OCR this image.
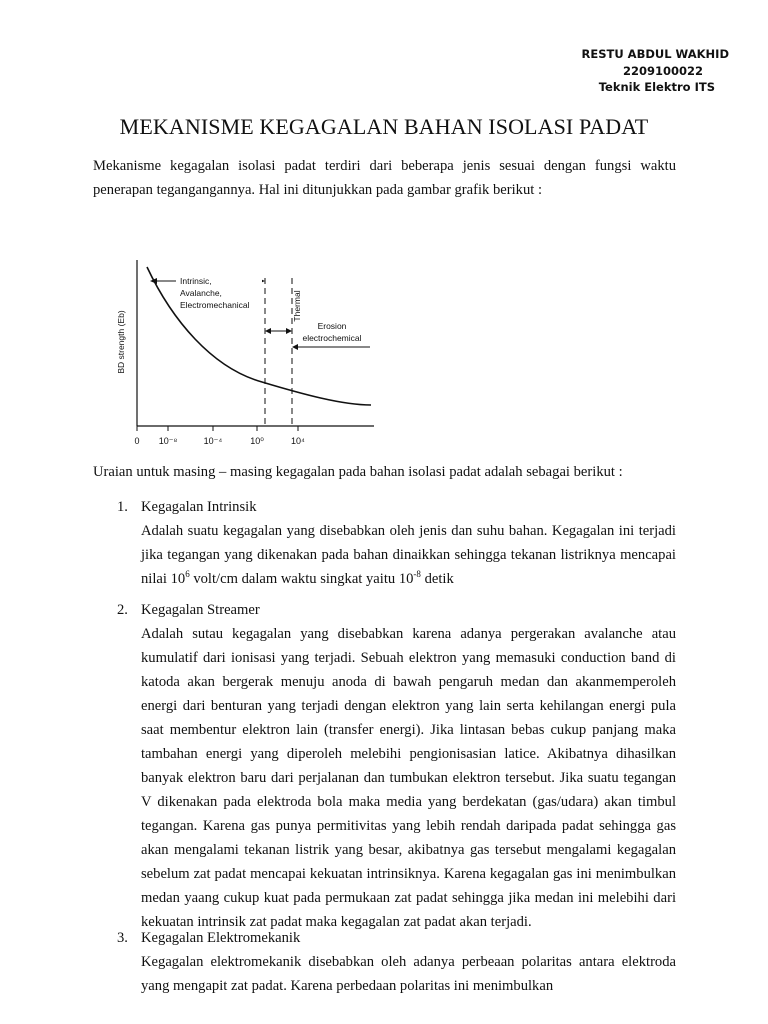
RESTU ABDUL WAKHID
2209100022
Teknik Elektro ITS
MEKANISME KEGAGALAN BAHAN ISOLASI PADAT

Mekanisme kegagalan isolasi padat terdiri dari beberapa jenis sesuai dengan fungsi waktu penerapan tegangangannya. Hal ini ditunjukkan pada gambar grafik berikut :

0 10⁻⁸	10⁻⁴	10⁰	10⁴
BD strength (Eb)
Intrinsic,
Avalanche,
Electromechanical	Thermal
Erosion
electrochemical

Uraian untuk masing – masing kegagalan pada bahan isolasi padat adalah sebagai berikut :

1. Kegagalan Intrinsik

Adalah suatu kegagalan yang disebabkan oleh jenis dan suhu bahan. Kegagalan ini terjadi jika tegangan yang dikenakan pada bahan dinaikkan sehingga tekanan listriknya mencapai nilai $10^6$ volt/cm dalam waktu singkat yaitu $10^{-8}$ detik

2. Kegagalan Streamer

Adalah sutau kegagalan yang disebabkan karena adanya pergerakan avalanche atau kumulatif dari ionisasi yang terjadi. Sebuah elektron yang memasuki conduction band di katoda akan bergerak menuju anoda di bawah pengaruh medan dan akanmemperoleh energi dari benturan yang terjadi dengan elektron yang lain serta kehilangan energi pula saat membentur elektron lain (transfer energi). Jika lintasan bebas cukup panjang maka tambahan energi yang diperoleh melebihi pengionisasian latice. Akibatnya dihasilkan banyak elektron baru dari perjalanan dan tumbukan elektron tersebut. Jika suatu tegangan V dikenakan pada elektroda bola maka media yang berdekatan (gas/udara) akan timbul tegangan. Karena gas punya permitivitas yang lebih rendah daripada padat sehingga gas akan mengalami tekanan listrik yang besar, akibatnya gas tersebut mengalami kegagalan sebelum zat padat mencapai kekuatan intrinsiknya. Karena kegagalan gas ini menimbulkan medan yaang cukup kuat pada permukaan zat padat sehingga jika medan ini melebihi dari kekuatan intrinsik zat padat maka kegagalan zat padat akan terjadi.

3. Kegagalan Elektromekanik

Kegagalan elektromekanik disebabkan oleh adanya perbeaan polaritas antara elektroda yang mengapit zat padat. Karena perbedaan polaritas ini menimbulkan
